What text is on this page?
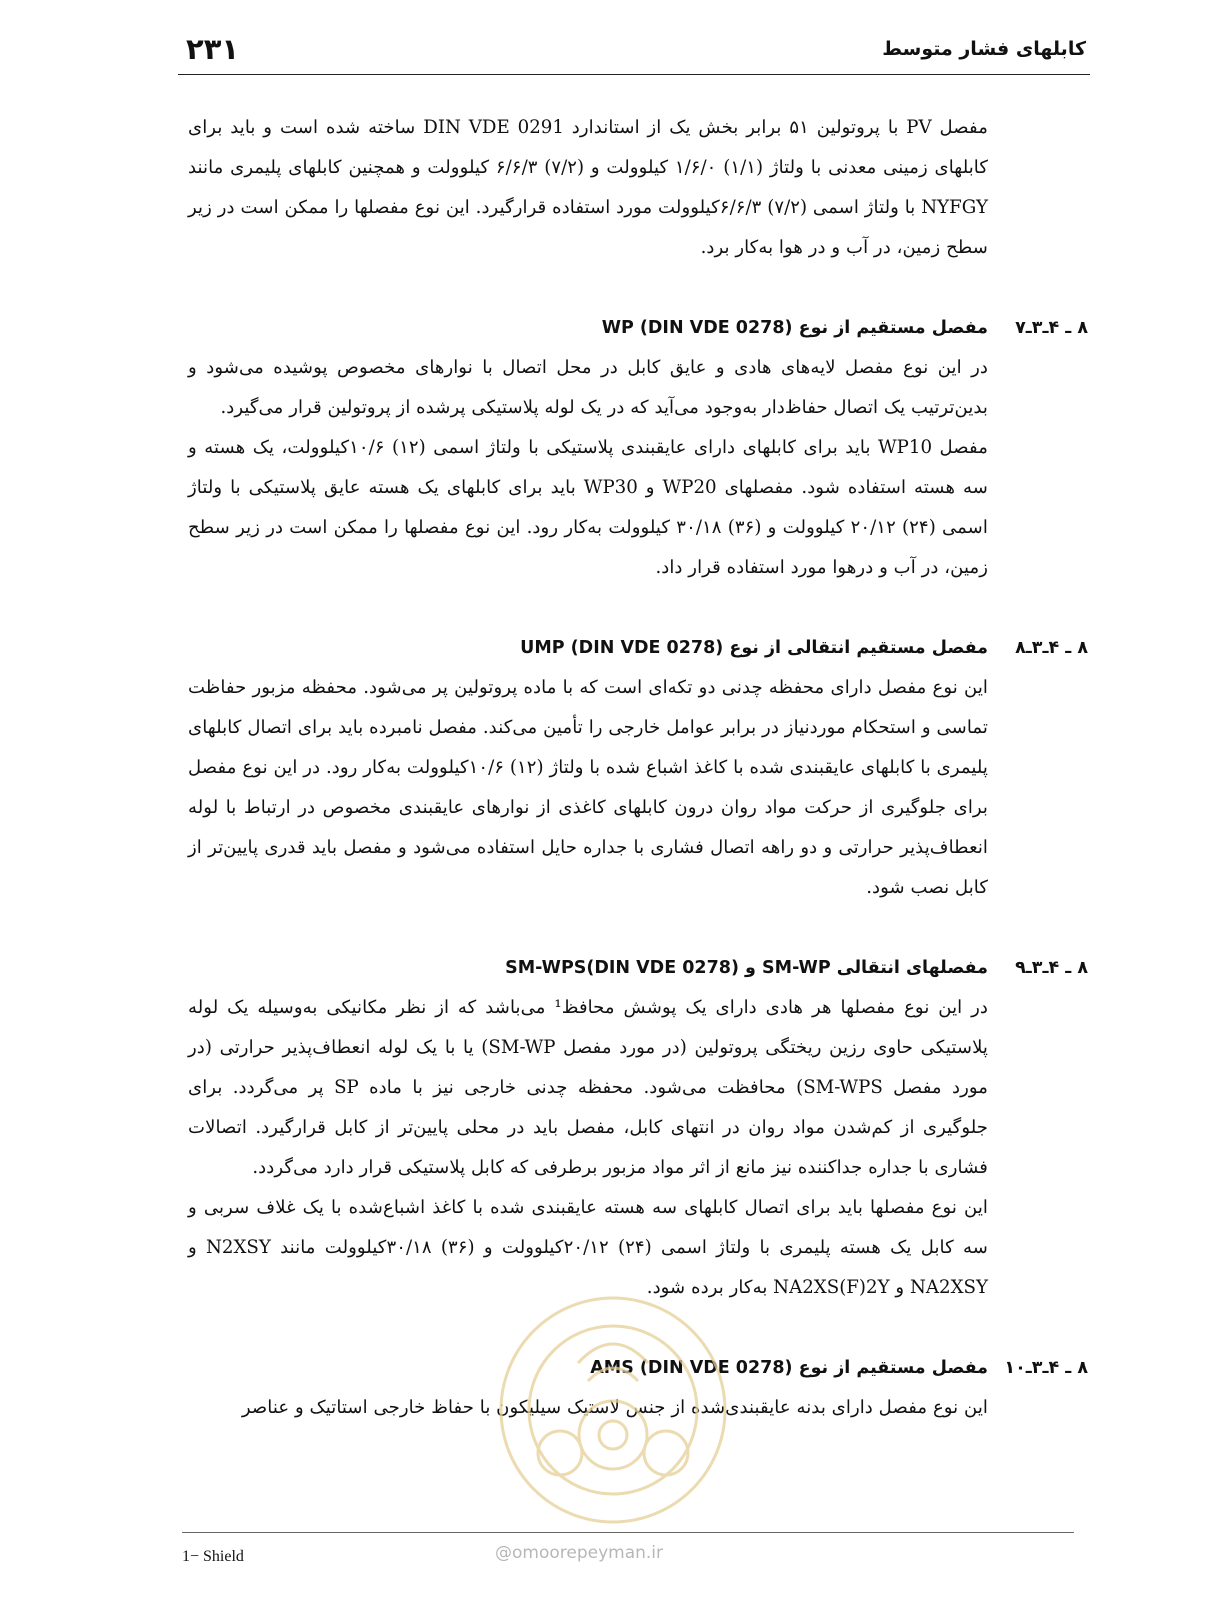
کابلهای فشار متوسط
۲۳۱

مفصل PV با پروتولین ۵۱ برابر بخش یک از استاندارد DIN VDE 0291 ساخته شده است و باید برای کابلهای زمینی معدنی با ولتاژ (۱/۱) ۱/۶/۰ کیلوولت و (۷/۲) ۶/۶/۳ کیلوولت و همچنین کابلهای پلیمری مانند NYFGY با ولتاژ اسمی (۷/۲) ۶/۶/۳کیلوولت مورد استفاده قرارگیرد. این نوع مفصلها را ممکن است در زیر سطح زمین، در آب و در هوا به‌کار برد.

۸ ـ ۴ـ۳ـ۷مفصل مستقیم از نوع WP (DIN VDE 0278)

در این نوع مفصل لایه‌های هادی و عایق کابل در محل اتصال با نوارهای مخصوص پوشیده می‌شود و بدین‌ترتیب یک اتصال حفاظ‌دار به‌وجود می‌آید که در یک لوله پلاستیکی پرشده از پروتولین قرار می‌گیرد.

مفصل WP10 باید برای کابلهای دارای عایقبندی پلاستیکی با ولتاژ اسمی (۱۲) ۱۰/۶کیلوولت، یک هسته و سه هسته استفاده شود. مفصلهای WP20 و WP30 باید برای کابلهای یک هسته عایق پلاستیکی با ولتاژ اسمی (۲۴) ۲۰/۱۲ کیلوولت و (۳۶) ۳۰/۱۸ کیلوولت به‌کار رود. این نوع مفصلها را ممکن است در زیر سطح زمین، در آب و درهوا مورد استفاده قرار داد.

۸ ـ ۴ـ۳ـ۸مفصل مستقیم انتقالی از نوع UMP (DIN VDE 0278)

این نوع مفصل دارای محفظه چدنی دو تکه‌ای است که با ماده پروتولین پر می‌شود. محفظه مزبور حفاظت تماسی و استحکام موردنیاز در برابر عوامل خارجی را تأمین می‌کند. مفصل نامبرده باید برای اتصال کابلهای پلیمری با کابلهای عایقبندی شده با کاغذ اشباع شده با ولتاژ (۱۲) ۱۰/۶کیلوولت به‌کار رود. در این نوع مفصل برای جلوگیری از حرکت مواد روان درون کابلهای کاغذی از نوارهای عایقبندی مخصوص در ارتباط با لوله انعطاف‌پذیر حرارتی و دو راهه اتصال فشاری با جداره حایل استفاده می‌شود و مفصل باید قدری پایین‌تر از کابل نصب شود.

۸ ـ ۴ـ۳ـ۹مفصلهای انتقالی SM-WP و SM-WPS(DIN VDE 0278)

در این نوع مفصلها هر هادی دارای یک پوشش محافظ¹ می‌باشد که از نظر مکانیکی به‌وسیله یک لوله پلاستیکی حاوی رزین ریختگی پروتولین (در مورد مفصل SM-WP) یا با یک لوله انعطاف‌پذیر حرارتی (در مورد مفصل SM-WPS) محافظت می‌شود. محفظه چدنی خارجی نیز با ماده SP پر می‌گردد. برای جلوگیری از کم‌شدن مواد روان در انتهای کابل، مفصل باید در محلی پایین‌تر از کابل قرارگیرد. اتصالات فشاری با جداره جداکننده نیز مانع از اثر مواد مزبور برطرفی که کابل پلاستیکی قرار دارد می‌گردد.

این نوع مفصلها باید برای اتصال کابلهای سه هسته عایقبندی شده با کاغذ اشباع‌شده با یک غلاف سربی و سه کابل یک هسته پلیمری با ولتاژ اسمی (۲۴) ۲۰/۱۲کیلوولت و (۳۶) ۳۰/۱۸کیلوولت مانند N2XSY و NA2XSY و NA2XS(F)2Y به‌کار برده شود.

۸ ـ ۴ـ۳ـ۱۰مفصل مستقیم از نوع AMS (DIN VDE 0278)

این نوع مفصل دارای بدنه عایقبندی‌شده از جنس لاستیک سیلیکون با حفاظ خارجی استاتیک و عناصر

1− Shield	@omoorepeyman.ir
